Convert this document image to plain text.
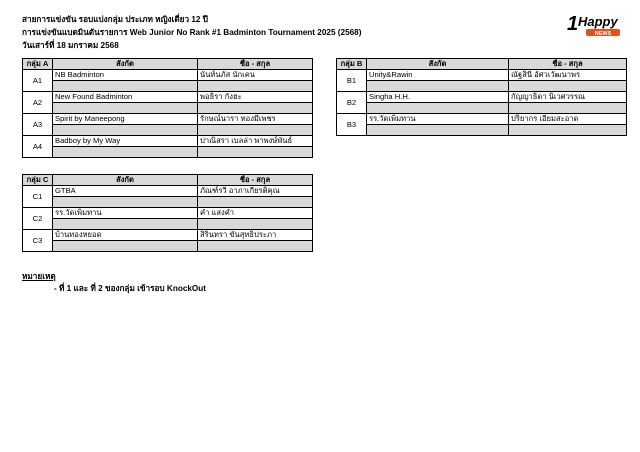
สายการแข่งขัน รอบแบ่งกลุ่ม ประเภท หญิงเดี่ยว 12 ปี
การแข่งขันแบดมินตันรายการ Web Junior No Rank #1 Badminton Tournament 2025 (2568)
วันเสาร์ที่ 18 มกราคม 2568
1 Happy
NEWS
กลุ่ม A	สังกัด	ชื่อ - สกุล
A1	NB Badminton	นันท์นภัส นักเคน

A2	New Found Badminton	พอธิรา กังฮะ

A3	Spirit by Maneepong	รักษณ์นารา ทองมีเพชร

A4	Badboy by My Way	ปาณิสรา เบลล่า พาพงษ์พันธ์

กลุ่ม B	สังกัด	ชื่อ - สกุล
B1	Unity&Rawin	ณัฐสินี อัศวเวัฒนาพร

B2	Singha H.H.	กัญญาธิดา นิเวศวรรณ

B3	รร.วัดเพิ่มทาน	ปริยากร เอี่ยมสะอาด

กลุ่ม C	สังกัด	ชื่อ - สกุล
C1	GTBA	ภัณฑ์รวี อาภาเกียรติคุณ

C2	รร.วัดเพิ่มทาน	คำ แสงคำ

C3	บ้านทองหยอด	สิรินทรา ขันสุทธิประภา

หมายเหตุ
- ที่ 1 และ ที่ 2 ของกลุ่ม เข้ารอบ KnockOut
